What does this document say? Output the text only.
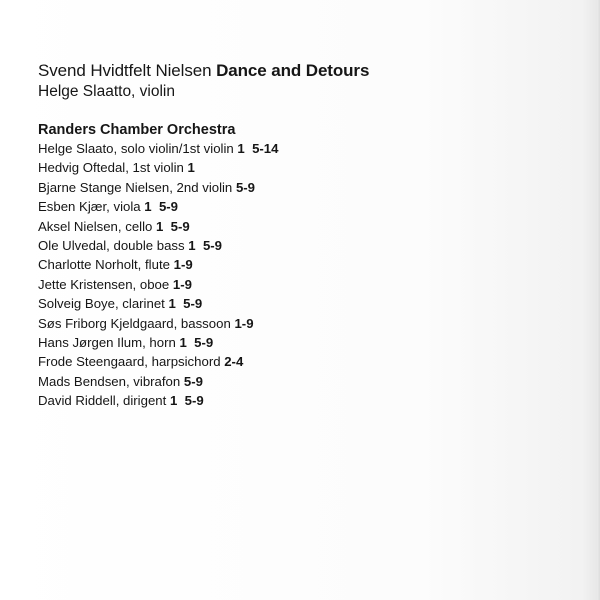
Svend Hvidtfelt Nielsen Dance and Detours
Helge Slaatto, violin
Randers Chamber Orchestra
Helge Slaato, solo violin/1st violin 1  5-14
Hedvig Oftedal, 1st violin 1
Bjarne Stange Nielsen, 2nd violin 5-9
Esben Kjær, viola 1  5-9
Aksel Nielsen, cello 1  5-9
Ole Ulvedal, double bass 1  5-9
Charlotte Norholt, flute 1-9
Jette Kristensen, oboe 1-9
Solveig Boye, clarinet 1  5-9
Søs Friborg Kjeldgaard, bassoon 1-9
Hans Jørgen Ilum, horn 1  5-9
Frode Steengaard, harpsichord 2-4
Mads Bendsen, vibrafon 5-9
David Riddell, dirigent 1  5-9
